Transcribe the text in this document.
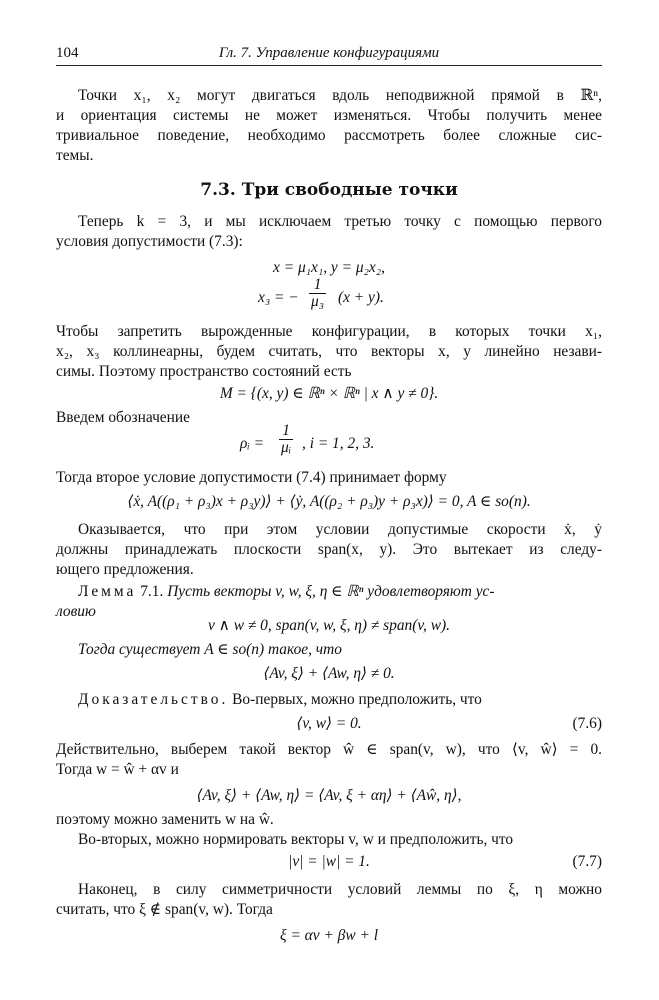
104	Гл. 7. Управление конфигурациями
Точки x₁, x₂ могут двигаться вдоль неподвижной прямой в ℝⁿ,
и ориентация системы не может изменяться. Чтобы получить менее
тривиальное поведение, необходимо рассмотреть более сложные сис-
темы.
7.3. Три свободные точки
Теперь k = 3, и мы исключаем третью точку с помощью первого
условия допустимости (7.3):
x = μ₁x₁, y = μ₂x₂,
x₃ = − $\frac{1}{\text{μ₃}} (x + y)$.
Чтобы запретить вырожденные конфигурации, в которых точки x₁,
x₂, x₃ коллинеарны, будем считать, что векторы x, y линейно незави-
симы. Поэтому пространство состояний есть
M = {(x, y) ∈ ℝⁿ × ℝⁿ | x ∧ y ≠ 0}.
Введем обозначение
ρᵢ = $\frac{1}{\text{μᵢ}}$ , i = 1, 2, 3.
Тогда второе условие допустимости (7.4) принимает форму
⟨ẋ, A((ρ₁ + ρ₃)x + ρ₃y)⟩ + ⟨ẏ, A((ρ₂ + ρ₃)y + ρ₃x)⟩ = 0, A ∈ so(n).
Оказывается, что при этом условии допустимые скорости ẋ, ẏ
должны принадлежать плоскости span(x, y). Это вытекает из следу-
ющего предложения.
Лемма 7.1. Пусть векторы v, w, ξ, η ∈ ℝⁿ удовлетворяют ус-
ловию
v ∧ w ≠ 0, span(v, w, ξ, η) ≠ span(v, w).
Тогда существует A ∈ so(n) такое, что
⟨Av, ξ⟩ + ⟨Aw, η⟩ ≠ 0.
Доказательство. Во-первых, можно предположить, что
⟨v, w⟩ = 0.	(7.6)
Действительно, выберем такой вектор ŵ ∈ span(v, w), что ⟨v, ŵ⟩ = 0.
Тогда w = ŵ + αv и
⟨Av, ξ⟩ + ⟨Aw, η⟩ = ⟨Av, ξ + αη⟩ + ⟨Aŵ, η⟩,
поэтому можно заменить w на ŵ.
Во-вторых, можно нормировать векторы v, w и предположить, что
|v| = |w| = 1.	(7.7)
Наконец, в силу симметричности условий леммы по ξ, η можно
считать, что ξ ∉ span(v, w). Тогда
ξ = αv + βw + l
